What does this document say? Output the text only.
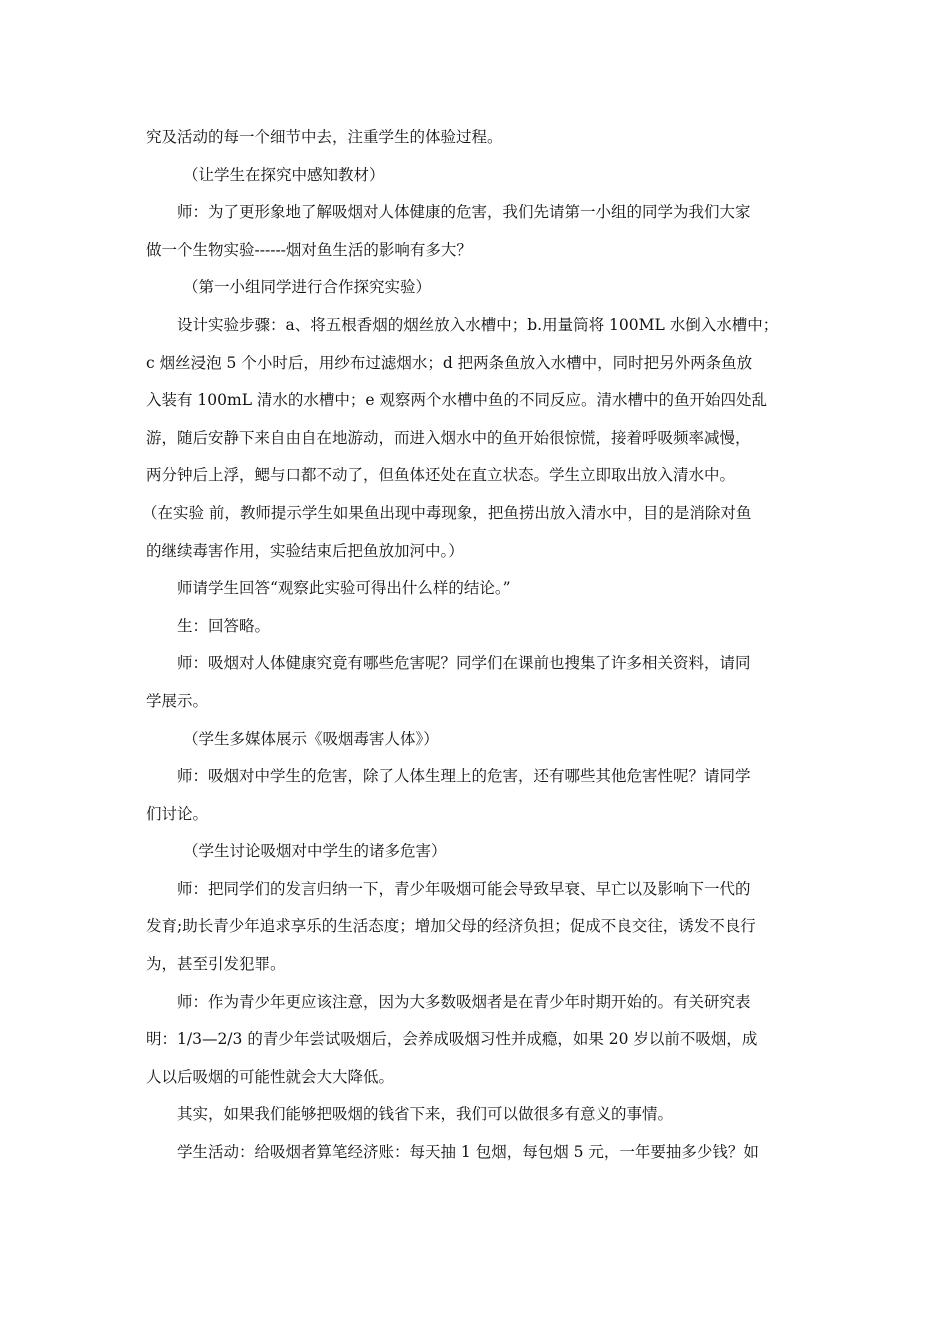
究及活动的每一个细节中去，注重学生的体验过程。

（让学生在探究中感知教材）

师：为了更形象地了解吸烟对人体健康的危害，我们先请第一小组的同学为我们大家

做一个生物实验------烟对鱼生活的影响有多大？

（第一小组同学进行合作探究实验）

设计实验步骤：a、将五根香烟的烟丝放入水槽中；b.用量筒将 100ML 水倒入水槽中；

c 烟丝浸泡 5 个小时后，用纱布过滤烟水；d 把两条鱼放入水槽中，同时把另外两条鱼放

入装有 100mL 清水的水槽中；e 观察两个水槽中鱼的不同反应。清水槽中的鱼开始四处乱

游，随后安静下来自由自在地游动，而进入烟水中的鱼开始很惊慌，接着呼吸频率减慢，

两分钟后上浮，鳃与口都不动了，但鱼体还处在直立状态。学生立即取出放入清水中。

（在实验 前，教师提示学生如果鱼出现中毒现象，把鱼捞出放入清水中，目的是消除对鱼

的继续毒害作用，实验结束后把鱼放加河中。）

师请学生回答“观察此实验可得出什么样的结论。”

生：回答略。

师：吸烟对人体健康究竟有哪些危害呢？同学们在课前也搜集了许多相关资料，请同

学展示。

（学生多媒体展示《吸烟毒害人体》）

师：吸烟对中学生的危害，除了人体生理上的危害，还有哪些其他危害性呢？请同学

们讨论。

（学生讨论吸烟对中学生的诸多危害）

师：把同学们的发言归纳一下，青少年吸烟可能会导致早衰、早亡以及影响下一代的

发育;助长青少年追求享乐的生活态度；增加父母的经济负担；促成不良交往，诱发不良行

为，甚至引发犯罪。

师：作为青少年更应该注意，因为大多数吸烟者是在青少年时期开始的。有关研究表

明：1/3—2/3 的青少年尝试吸烟后，会养成吸烟习性并成瘾，如果 20 岁以前不吸烟，成

人以后吸烟的可能性就会大大降低。

其实，如果我们能够把吸烟的钱省下来，我们可以做很多有意义的事情。

学生活动：给吸烟者算笔经济账：每天抽 1 包烟，每包烟 5 元，一年要抽多少钱？如
